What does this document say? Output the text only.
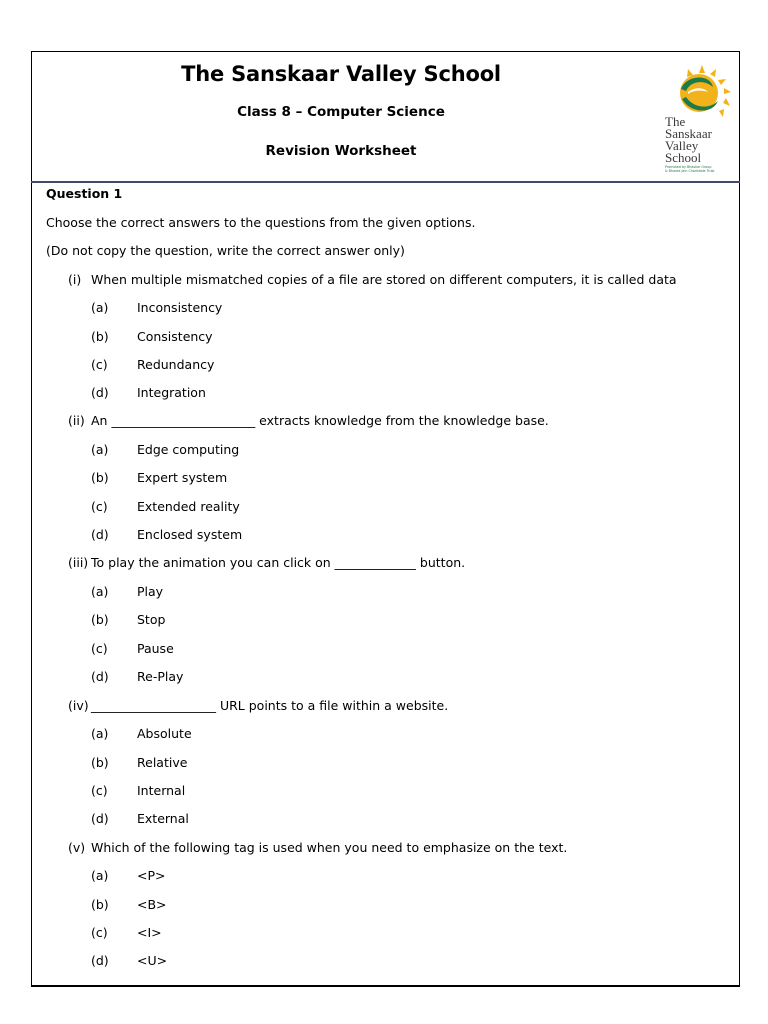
The Sanskaar Valley School
Class 8 – Computer Science
Revision Worksheet
The
Sanskaar
Valley
School
Promoted by Bhaskar Group
& Bharda Jain Charitable Trust
Question 1
Choose the correct answers to the questions from the given options.
(Do not copy the question, write the correct answer only)
(i) When multiple mismatched copies of a file are stored on different computers, it is called data
(a) Inconsistency
(b) Consistency
(c) Redundancy
(d) Integration
(ii) An _______________________ extracts knowledge from the knowledge base.
(a) Edge computing
(b) Expert system
(c) Extended reality
(d) Enclosed system
(iii) To play the animation you can click on _____________ button.
(a) Play
(b) Stop
(c) Pause
(d) Re-Play
(iv) ____________________ URL points to a file within a website.
(a) Absolute
(b) Relative
(c) Internal
(d) External
(v) Which of the following tag is used when you need to emphasize on the text.
(a) <P>
(b) <B>
(c) <I>
(d) <U>
